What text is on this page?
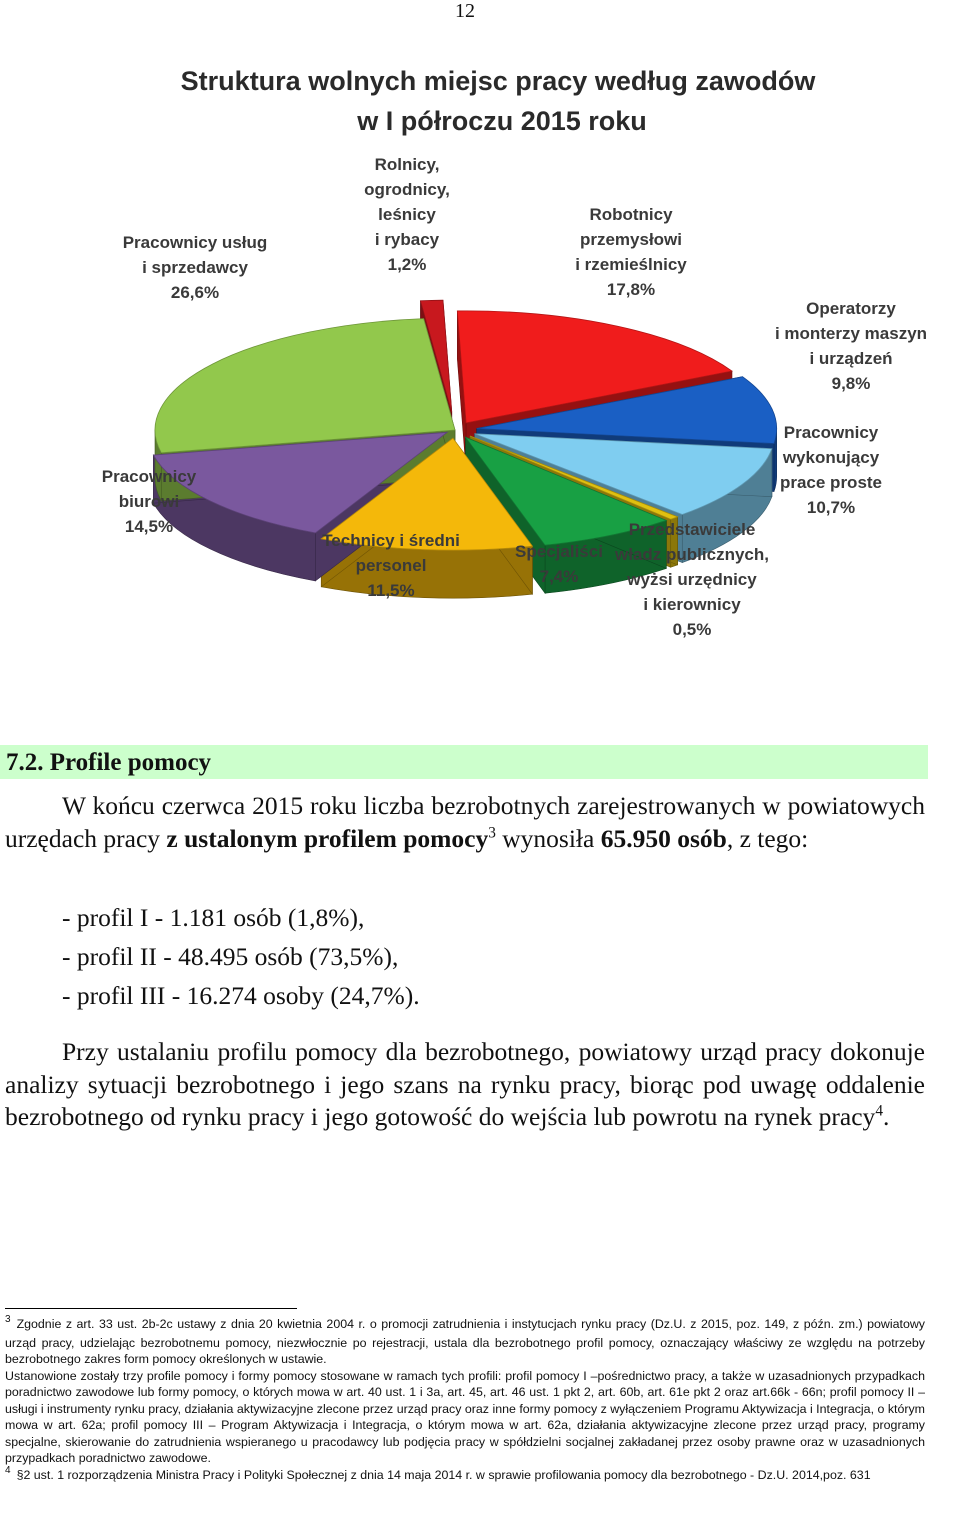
12
Struktura wolnych miejsc pracy według zawodów
w I półroczu 2015 roku
Rolnicy, ogrodnicy, leśnicy i rybacy 1,2%
Robotnicy przemysłowi i rzemieślnicy 17,8%
Operatorzy i monterzy maszyn i urządzeń 9,8%
Pracownicy wykonujący prace proste 10,7%
Przedstawiciele władz publicznych, wyżsi urzędnicy i kierownicy 0,5%
Specjaliści 7,4%
Technicy i średni personel 11,5%
Pracownicy biurowi 14,5%
Pracownicy usług i sprzedawcy 26,6%
7.2. Profile pomocy
W końcu czerwca 2015 roku liczba bezrobotnych zarejestrowanych w powiatowych urzędach pracy z ustalonym profilem pomocy$^3$ wynosiła 65.950 osób, z tego:
- profil I - 1.181 osób (1,8%),
- profil II - 48.495 osób (73,5%),
- profil III - 16.274 osoby (24,7%).
Przy ustalaniu profilu pomocy dla bezrobotnego, powiatowy urząd pracy dokonuje analizy sytuacji bezrobotnego i jego szans na rynku pracy, biorąc pod uwagę oddalenie bezrobotnego od rynku pracy i jego gotowość do wejścia lub powrotu na rynek pracy$^4$.

$^3$ Zgodnie z art. 33 ust. 2b-2c ustawy z dnia 20 kwietnia 2004 r. o promocji zatrudnienia i instytucjach rynku pracy (Dz.U. z 2015, poz. 149, z późn. zm.) powiatowy urząd pracy, udzielając bezrobotnemu pomocy, niezwłocznie po rejestracji, ustala dla bezrobotnego profil pomocy, oznaczający właściwy ze względu na potrzeby bezrobotnego zakres form pomocy określonych w ustawie.

Ustanowione zostały trzy profile pomocy i formy pomocy stosowane w ramach tych profili: profil pomocy I –pośrednictwo pracy, a także w uzasadnionych przypadkach poradnictwo zawodowe lub formy pomocy, o których mowa w art. 40 ust. 1 i 3a, art. 45, art. 46 ust. 1 pkt 2, art. 60b, art. 61e pkt 2 oraz art.66k - 66n; profil pomocy II – usługi i instrumenty rynku pracy, działania aktywizacyjne zlecone przez urząd pracy oraz inne formy pomocy z wyłączeniem Programu Aktywizacja i Integracja, o którym mowa w art. 62a; profil pomocy III – Program Aktywizacja i Integracja, o którym mowa w art. 62a, działania aktywizacyjne zlecone przez urząd pracy, programy specjalne, skierowanie do zatrudnienia wspieranego u pracodawcy lub podjęcia pracy w spółdzielni socjalnej zakładanej przez osoby prawne oraz w uzasadnionych przypadkach poradnictwo zawodowe.

$^4$ §2 ust. 1 rozporządzenia Ministra Pracy i Polityki Społecznej z dnia 14 maja 2014 r. w sprawie profilowania pomocy dla bezrobotnego - Dz.U. 2014,poz. 631
